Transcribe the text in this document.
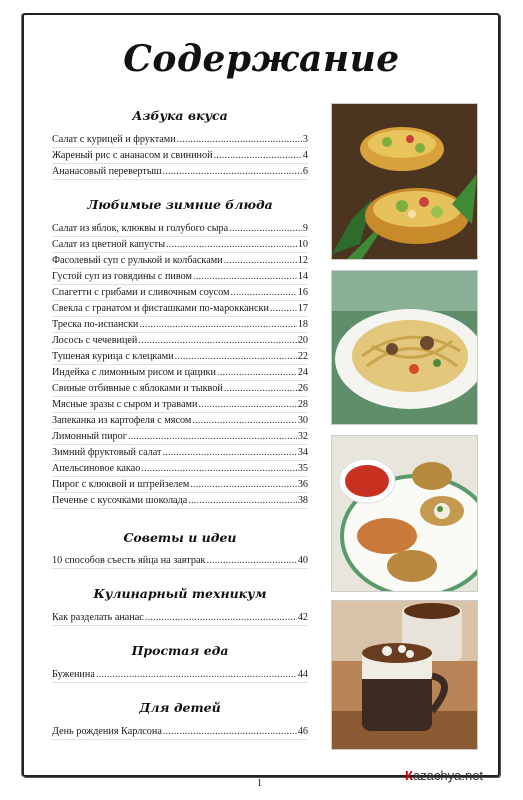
Содержание
Азбука вкуса
Любимые зимние блюда
Советы и идеи
Кулинарный техникум
Простая еда
Для детей
Салат с курицей и фруктами .....	3
Жареный рис с ананасом и свининой .....	4
Ананасовый перевертыш .....	6
Салат из яблок, клюквы и голубого сыра .....	9
Салат из цветной капусты .....	10
Фасолевый суп с рулькой и колбасками .....	12
Густой суп из говядины с пивом .....	14
Спагетти с грибами и сливочным соусом .....	16
Свекла с гранатом и фисташками по-марокканcки .....	17
Треска по-испански .....	18
Лосось с чечевицей .....	20
Тушеная курица с клецками .....	22
Индейка с лимонным рисом и цацики .....	24
Свиные отбивные с яблоками и тыквой .....	26
Мясные зразы с сыром и травами .....	28
Запеканка из картофеля с мясом .....	30
Лимонный пирог .....	32
Зимний фруктовый салат .....	34
Апельсиновое какао .....	35
Пирог с клюквой и штрейзелем .....	36
Печенье с кусочками шоколада .....	38
10 способов съесть яйца на завтрак .....	40
Как разделать ананас .....	42
Буженина .....	44
День рождения Карлсона .....	46
1
Кazachya.net
